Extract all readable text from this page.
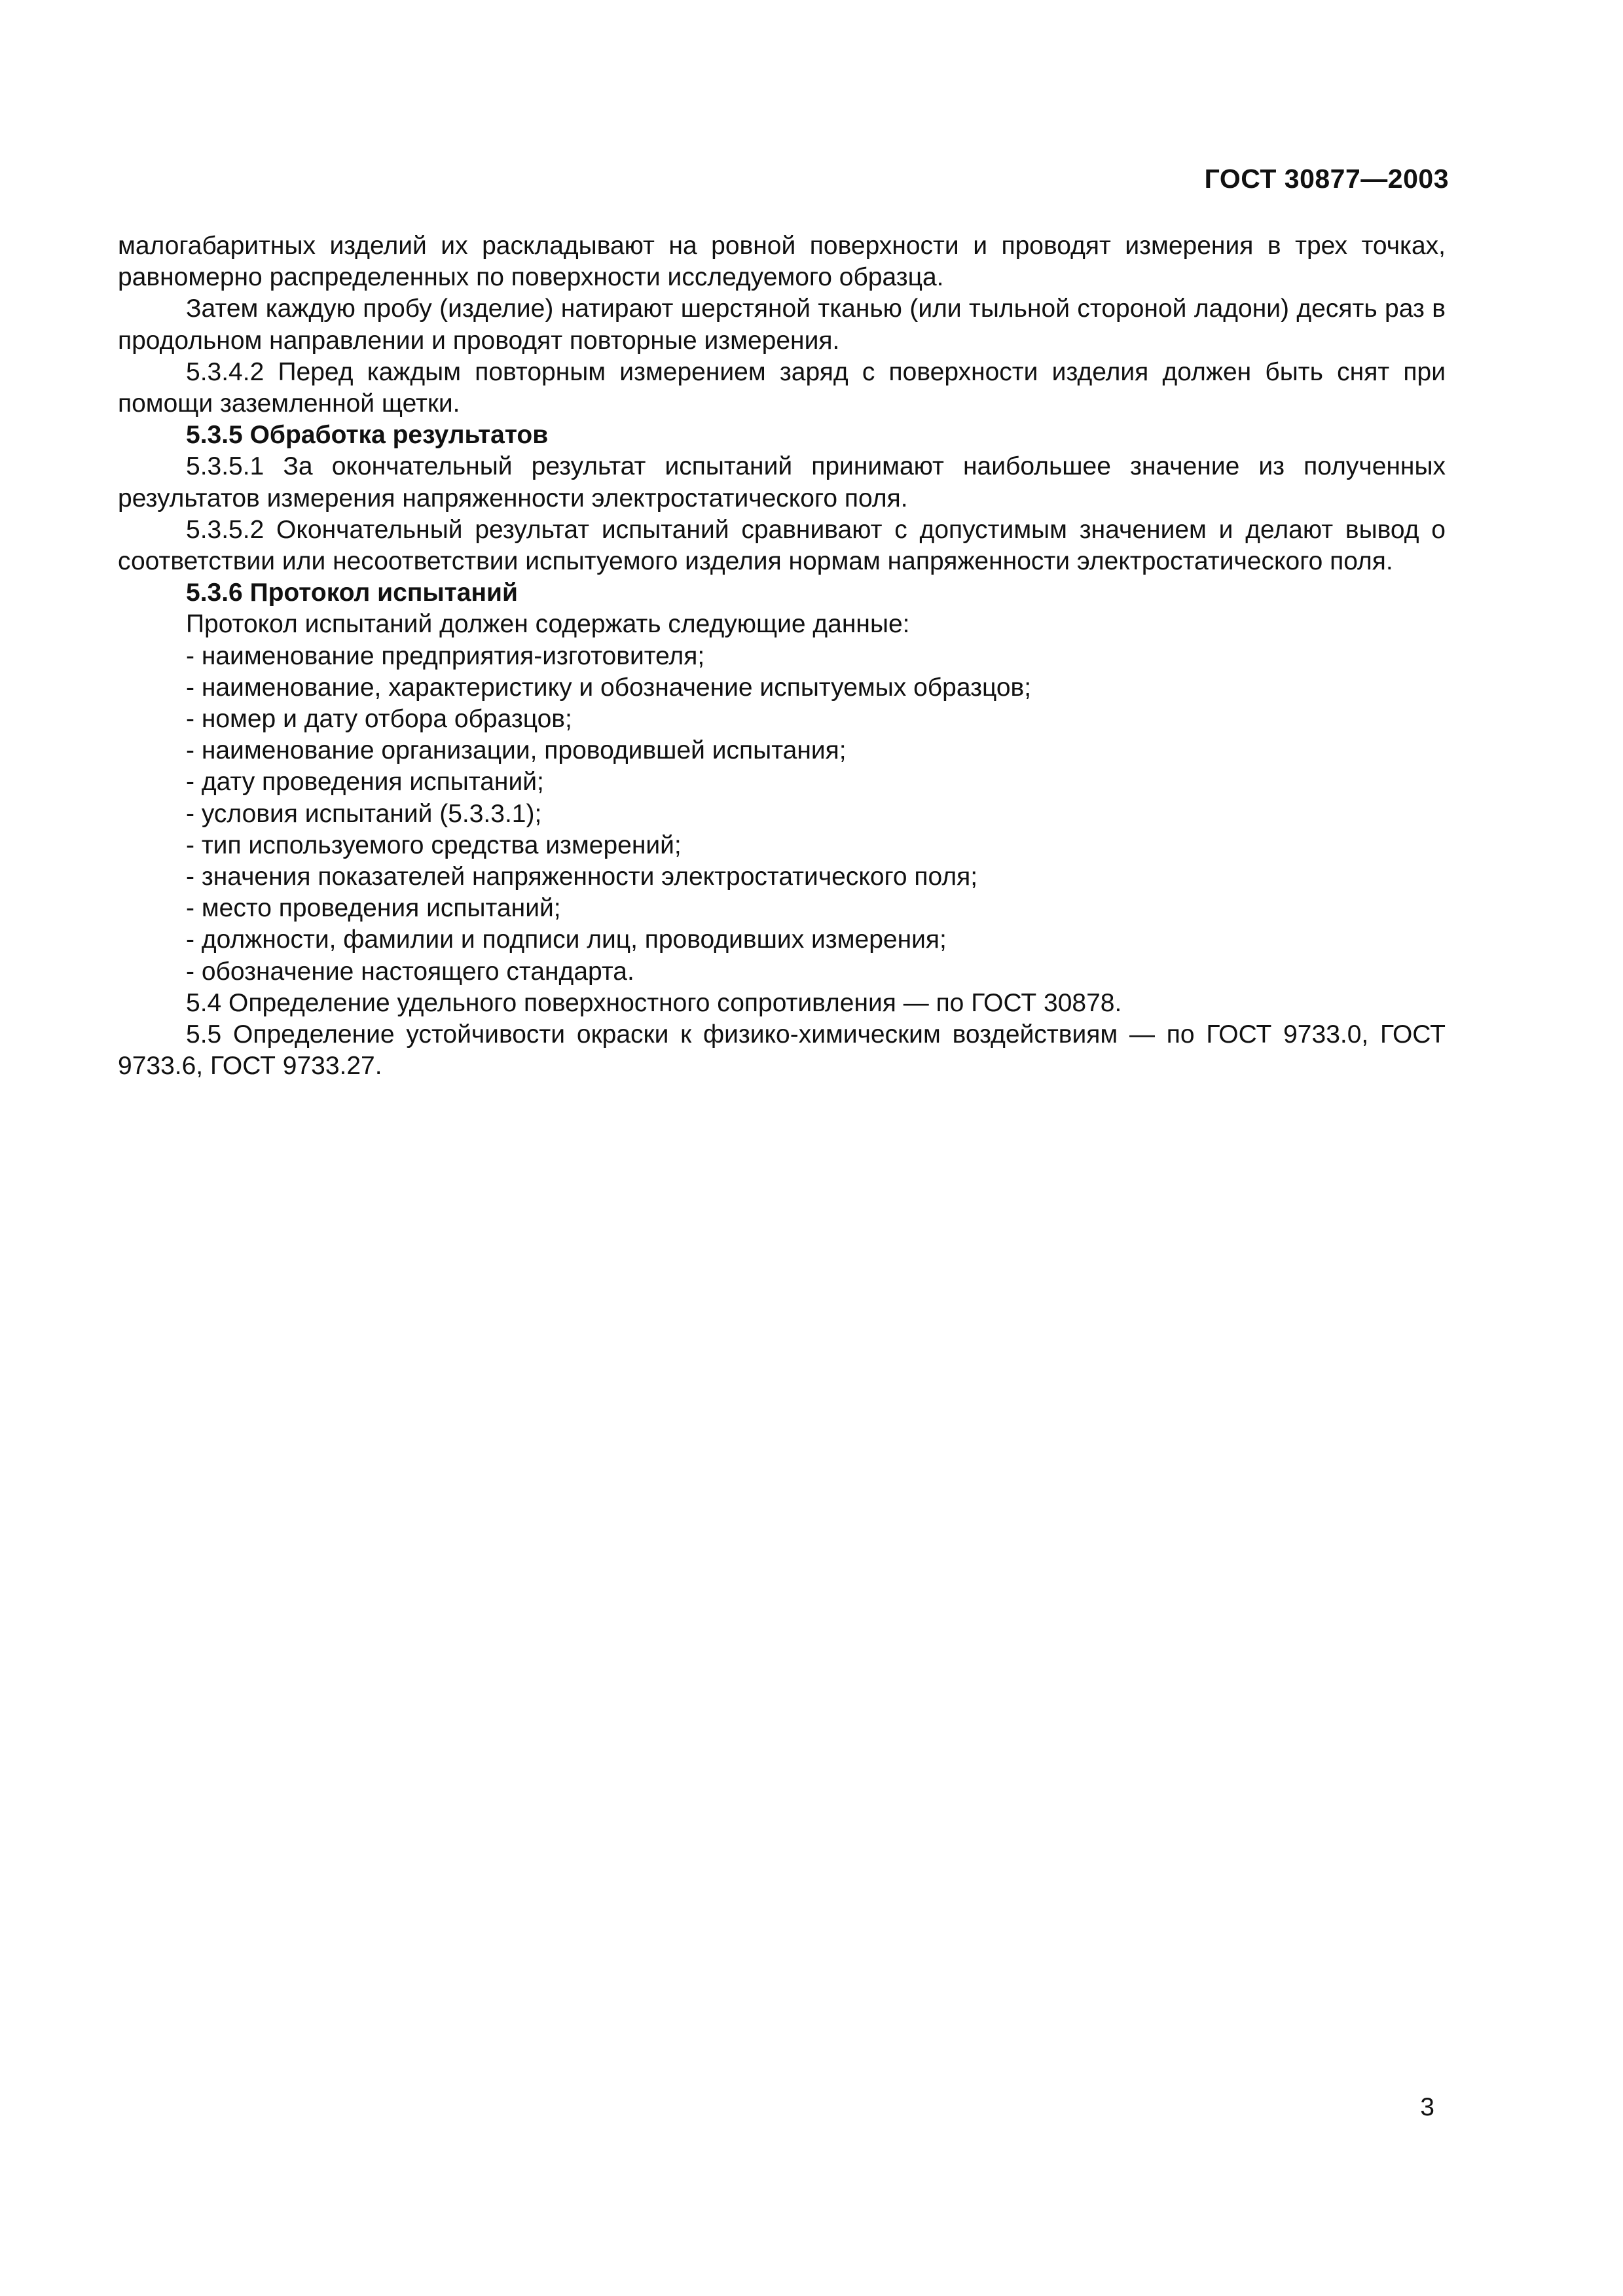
ГОСТ 30877—2003

малогабаритных изделий их раскладывают на ровной поверхности и проводят измерения в трех точках, равномерно распределенных по поверхности исследуемого образца.

Затем каждую пробу (изделие) натирают шерстяной тканью (или тыльной стороной ладони) десять раз в продольном направлении и проводят повторные измерения.

5.3.4.2 Перед каждым повторным измерением заряд с поверхности изделия должен быть снят при помощи заземленной щетки.

5.3.5 Обработка результатов

5.3.5.1 За окончательный результат испытаний принимают наибольшее значение из полученных результатов измерения напряженности электростатического поля.

5.3.5.2 Окончательный результат испытаний сравнивают с допустимым значением и делают вывод о соответствии или несоответствии испытуемого изделия нормам напряженности электростатического поля.

5.3.6 Протокол испытаний

Протокол испытаний должен содержать следующие данные:

- наименование предприятия-изготовителя;

- наименование, характеристику и обозначение испытуемых образцов;

- номер и дату отбора образцов;

- наименование организации, проводившей испытания;

- дату проведения испытаний;

- условия испытаний (5.3.3.1);

- тип используемого средства измерений;

- значения показателей напряженности электростатического поля;

- место проведения испытаний;

- должности, фамилии и подписи лиц, проводивших измерения;

- обозначение настоящего стандарта.

5.4 Определение удельного поверхностного сопротивления — по ГОСТ 30878.

5.5 Определение устойчивости окраски к физико-химическим воздействиям — по ГОСТ 9733.0, ГОСТ 9733.6, ГОСТ 9733.27.

3
